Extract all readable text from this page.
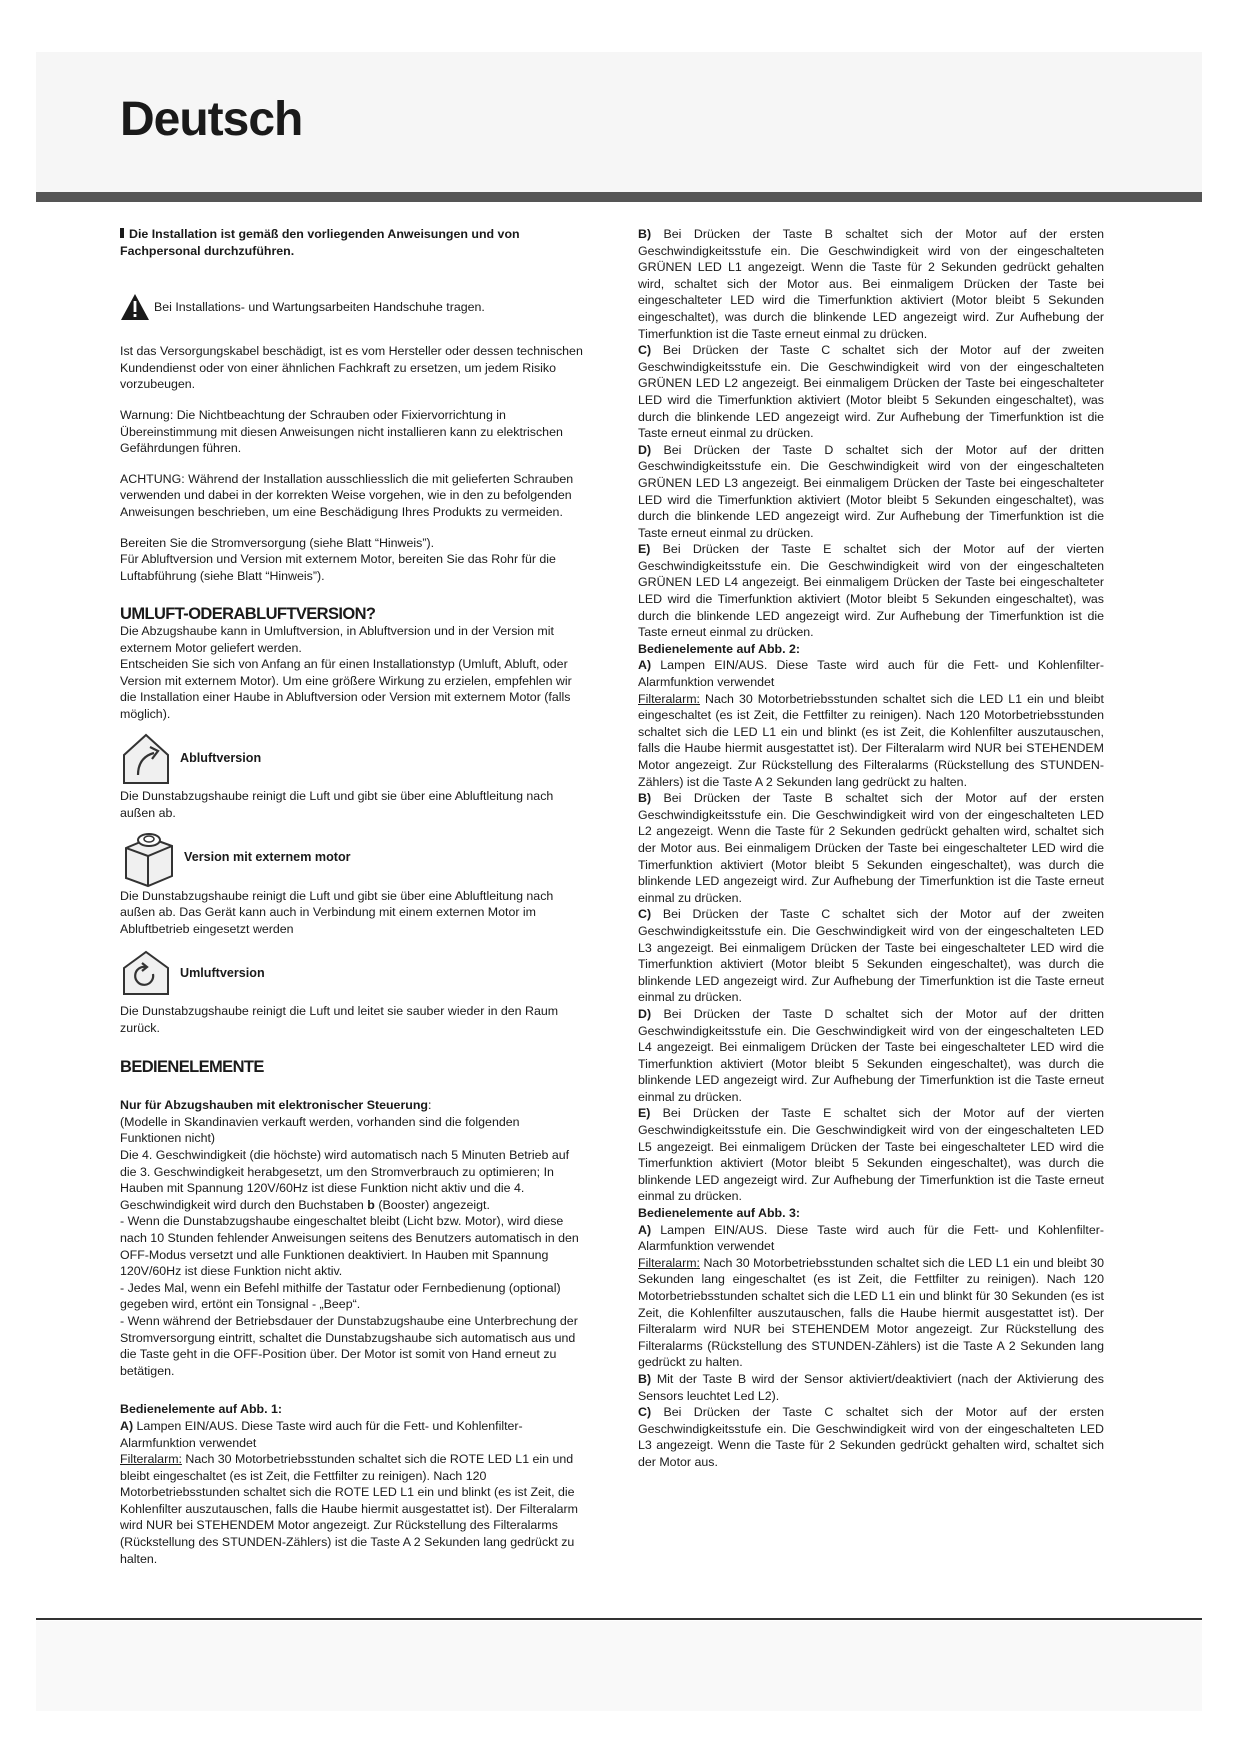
Deutsch

Die Installation ist gemäß den vorliegenden Anweisungen und von Fachpersonal durchzuführen.

Bei Installations- und Wartungsarbeiten Handschuhe tragen.

Ist das Versorgungskabel beschädigt, ist es vom Hersteller oder dessen technischen Kundendienst oder von einer ähnlichen Fachkraft zu ersetzen, um jedem Risiko vorzubeugen.

Warnung: Die Nichtbeachtung der Schrauben oder Fixiervorrichtung in Übereinstimmung mit diesen Anweisungen nicht installieren kann zu elektrischen Gefährdungen führen.

ACHTUNG: Während der Installation ausschliesslich die mit gelieferten Schrauben verwenden und dabei in der korrekten Weise vorgehen, wie in den zu befolgenden Anweisungen beschrieben, um eine Beschädigung Ihres Produkts zu vermeiden.

Bereiten Sie die Stromversorgung (siehe Blatt “Hinweis”).

Für Abluftversion und Version mit externem Motor, bereiten Sie das Rohr für die Luftabführung (siehe Blatt “Hinweis”).

UMLUFT-ODERABLUFTVERSION?

Die Abzugshaube kann in Umluftversion, in Abluftversion und in der Version mit externem Motor geliefert werden.

Entscheiden Sie sich von Anfang an für einen Installationstyp (Umluft, Abluft, oder Version mit externem Motor). Um eine größere Wirkung zu erzielen, empfehlen wir die Installation einer Haube in Abluftversion oder Version mit externem Motor (falls möglich).

Abluftversion

Die Dunstabzugshaube reinigt die Luft und gibt sie über eine Abluftleitung nach außen ab.

Version mit externem motor

Die Dunstabzugshaube reinigt die Luft und gibt sie über eine Abluftleitung nach außen ab. Das Gerät kann auch in Verbindung mit einem externen Motor im Abluftbetrieb eingesetzt werden

Umluftversion

Die Dunstabzugshaube reinigt die Luft und leitet sie sauber wieder in den Raum zurück.

BEDIENELEMENTE

Nur für Abzugshauben mit elektronischer Steuerung:

(Modelle in Skandinavien verkauft werden, vorhanden sind die folgenden Funktionen nicht)

Die 4. Geschwindigkeit (die höchste) wird automatisch nach 5 Minuten Betrieb auf die 3. Geschwindigkeit herabgesetzt, um den Stromverbrauch zu optimieren; In Hauben mit Spannung 120V/60Hz ist diese Funktion nicht aktiv und die 4. Geschwindigkeit wird durch den Buchstaben b (Booster) angezeigt.

- Wenn die Dunstabzugshaube eingeschaltet bleibt (Licht bzw. Motor), wird diese nach 10 Stunden fehlender Anweisungen seitens des Benutzers automatisch in den OFF-Modus versetzt und alle Funktionen deaktiviert. In Hauben mit Spannung 120V/60Hz ist diese Funktion nicht aktiv.

- Jedes Mal, wenn ein Befehl mithilfe der Tastatur oder Fernbedienung (optional) gegeben wird, ertönt ein Tonsignal - „Beep“.

- Wenn während der Betriebsdauer der Dunstabzugshaube eine Unterbrechung der Stromversorgung eintritt, schaltet die Dunstabzugshaube sich automatisch aus und die Taste geht in die OFF-Position über. Der Motor ist somit von Hand erneut zu betätigen.

Bedienelemente auf Abb. 1:

A) Lampen EIN/AUS. Diese Taste wird auch für die Fett- und Kohlenfilter-Alarmfunktion verwendet

Filteralarm: Nach 30 Motorbetriebsstunden schaltet sich die ROTE LED L1 ein und bleibt eingeschaltet (es ist Zeit, die Fettfilter zu reinigen). Nach 120 Motorbetriebsstunden schaltet sich die ROTE LED L1 ein und blinkt (es ist Zeit, die Kohlenfilter auszutauschen, falls die Haube hiermit ausgestattet ist). Der Filteralarm wird NUR bei STEHENDEM Motor angezeigt. Zur Rückstellung des Filteralarms (Rückstellung des STUNDEN-Zählers) ist die Taste A 2 Sekunden lang gedrückt zu halten.

B) Bei Drücken der Taste B schaltet sich der Motor auf der ersten Geschwindigkeitsstufe ein. Die Geschwindigkeit wird von der eingeschalteten GRÜNEN LED L1 angezeigt. Wenn die Taste für 2 Sekunden gedrückt gehalten wird, schaltet sich der Motor aus. Bei einmaligem Drücken der Taste bei eingeschalteter LED wird die Timerfunktion aktiviert (Motor bleibt 5 Sekunden eingeschaltet), was durch die blinkende LED angezeigt wird. Zur Aufhebung der Timerfunktion ist die Taste erneut einmal zu drücken.

C) Bei Drücken der Taste C schaltet sich der Motor auf der zweiten Geschwindigkeitsstufe ein. Die Geschwindigkeit wird von der eingeschalteten GRÜNEN LED L2 angezeigt. Bei einmaligem Drücken der Taste bei eingeschalteter LED wird die Timerfunktion aktiviert (Motor bleibt 5 Sekunden eingeschaltet), was durch die blinkende LED angezeigt wird. Zur Aufhebung der Timerfunktion ist die Taste erneut einmal zu drücken.

D) Bei Drücken der Taste D schaltet sich der Motor auf der dritten Geschwindigkeitsstufe ein. Die Geschwindigkeit wird von der eingeschalteten GRÜNEN LED L3 angezeigt. Bei einmaligem Drücken der Taste bei eingeschalteter LED wird die Timerfunktion aktiviert (Motor bleibt 5 Sekunden eingeschaltet), was durch die blinkende LED angezeigt wird. Zur Aufhebung der Timerfunktion ist die Taste erneut einmal zu drücken.

E) Bei Drücken der Taste E schaltet sich der Motor auf der vierten Geschwindigkeitsstufe ein. Die Geschwindigkeit wird von der eingeschalteten GRÜNEN LED L4 angezeigt. Bei einmaligem Drücken der Taste bei eingeschalteter LED wird die Timerfunktion aktiviert (Motor bleibt 5 Sekunden eingeschaltet), was durch die blinkende LED angezeigt wird. Zur Aufhebung der Timerfunktion ist die Taste erneut einmal zu drücken.

Bedienelemente auf Abb. 2:

A) Lampen EIN/AUS. Diese Taste wird auch für die Fett- und Kohlenfilter-Alarmfunktion verwendet

Filteralarm: Nach 30 Motorbetriebsstunden schaltet sich die LED L1 ein und bleibt eingeschaltet (es ist Zeit, die Fettfilter zu reinigen). Nach 120 Motorbetriebsstunden schaltet sich die LED L1 ein und blinkt (es ist Zeit, die Kohlenfilter auszutauschen, falls die Haube hiermit ausgestattet ist). Der Filteralarm wird NUR bei STEHENDEM Motor angezeigt. Zur Rückstellung des Filteralarms (Rückstellung des STUNDEN-Zählers) ist die Taste A 2 Sekunden lang gedrückt zu halten.

B) Bei Drücken der Taste B schaltet sich der Motor auf der ersten Geschwindigkeitsstufe ein. Die Geschwindigkeit wird von der eingeschalteten LED L2 angezeigt. Wenn die Taste für 2 Sekunden gedrückt gehalten wird, schaltet sich der Motor aus. Bei einmaligem Drücken der Taste bei eingeschalteter LED wird die Timerfunktion aktiviert (Motor bleibt 5 Sekunden eingeschaltet), was durch die blinkende LED angezeigt wird. Zur Aufhebung der Timerfunktion ist die Taste erneut einmal zu drücken.

C) Bei Drücken der Taste C schaltet sich der Motor auf der zweiten Geschwindigkeitsstufe ein. Die Geschwindigkeit wird von der eingeschalteten LED L3 angezeigt. Bei einmaligem Drücken der Taste bei eingeschalteter LED wird die Timerfunktion aktiviert (Motor bleibt 5 Sekunden eingeschaltet), was durch die blinkende LED angezeigt wird. Zur Aufhebung der Timerfunktion ist die Taste erneut einmal zu drücken.

D) Bei Drücken der Taste D schaltet sich der Motor auf der dritten Geschwindigkeitsstufe ein. Die Geschwindigkeit wird von der eingeschalteten LED L4 angezeigt. Bei einmaligem Drücken der Taste bei eingeschalteter LED wird die Timerfunktion aktiviert (Motor bleibt 5 Sekunden eingeschaltet), was durch die blinkende LED angezeigt wird. Zur Aufhebung der Timerfunktion ist die Taste erneut einmal zu drücken.

E) Bei Drücken der Taste E schaltet sich der Motor auf der vierten Geschwindigkeitsstufe ein. Die Geschwindigkeit wird von der eingeschalteten LED L5 angezeigt. Bei einmaligem Drücken der Taste bei eingeschalteter LED wird die Timerfunktion aktiviert (Motor bleibt 5 Sekunden eingeschaltet), was durch die blinkende LED angezeigt wird. Zur Aufhebung der Timerfunktion ist die Taste erneut einmal zu drücken.

Bedienelemente auf Abb. 3:

A) Lampen EIN/AUS. Diese Taste wird auch für die Fett- und Kohlenfilter-Alarmfunktion verwendet

Filteralarm: Nach 30 Motorbetriebsstunden schaltet sich die LED L1 ein und bleibt 30 Sekunden lang eingeschaltet (es ist Zeit, die Fettfilter zu reinigen). Nach 120 Motorbetriebsstunden schaltet sich die LED L1 ein und blinkt für 30 Sekunden (es ist Zeit, die Kohlenfilter auszutauschen, falls die Haube hiermit ausgestattet ist). Der Filteralarm wird NUR bei STEHENDEM Motor angezeigt. Zur Rückstellung des Filteralarms (Rückstellung des STUNDEN-Zählers) ist die Taste A 2 Sekunden lang gedrückt zu halten.

B) Mit der Taste B wird der Sensor aktiviert/deaktiviert (nach der Aktivierung des Sensors leuchtet Led L2).

C) Bei Drücken der Taste C schaltet sich der Motor auf der ersten Geschwindigkeitsstufe ein. Die Geschwindigkeit wird von der eingeschalteten LED L3 angezeigt. Wenn die Taste für 2 Sekunden gedrückt gehalten wird, schaltet sich der Motor aus.
